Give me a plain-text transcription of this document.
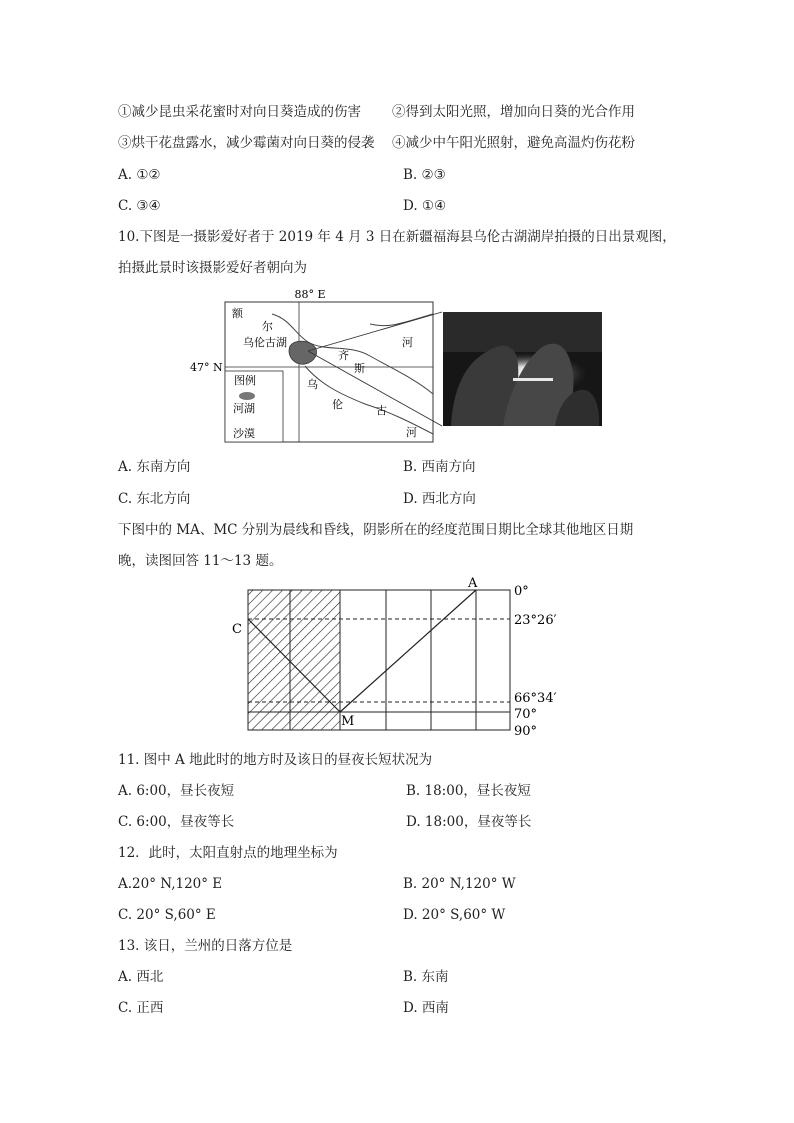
①减少昆虫采花蜜时对向日葵造成的伤害 ②得到太阳光照，增加向日葵的光合作用
③烘干花盘露水，减少霉菌对向日葵的侵袭 ④减少中午阳光照射，避免高温灼伤花粉
A. ①②	B. ②③
C. ③④	D. ①④
10.下图是一摄影爱好者于 2019 年 4 月 3 日在新疆福海县乌伦古湖湖岸拍摄的日出景观图，
拍摄此景时该摄影爱好者朝向为
88° E
47° N
额
尔
乌伦古湖
齐
斯
河
乌
伦	古
河
图例
河湖
沙漠
A. 东南方向	B. 西南方向
C. 东北方向	D. 西北方向
下图中的 MA、MC 分别为晨线和昏线，阴影所在的经度范围日期比全球其他地区日期
晚，读图回答 11～13 题。
A
C
M
0°
23°26′
66°34′
70°
90°
11. 图中 A 地此时的地方时及该日的昼夜长短状况为
A. 6:00，昼长夜短	B. 18:00，昼长夜短
C. 6:00，昼夜等长	D. 18:00，昼夜等长
12．此时，太阳直射点的地理坐标为
A.20° N,120° E	B. 20° N,120° W
C. 20° S,60° E	D. 20° S,60° W
13. 该日，兰州的日落方位是
A. 西北	B. 东南
C. 正西	D. 西南
